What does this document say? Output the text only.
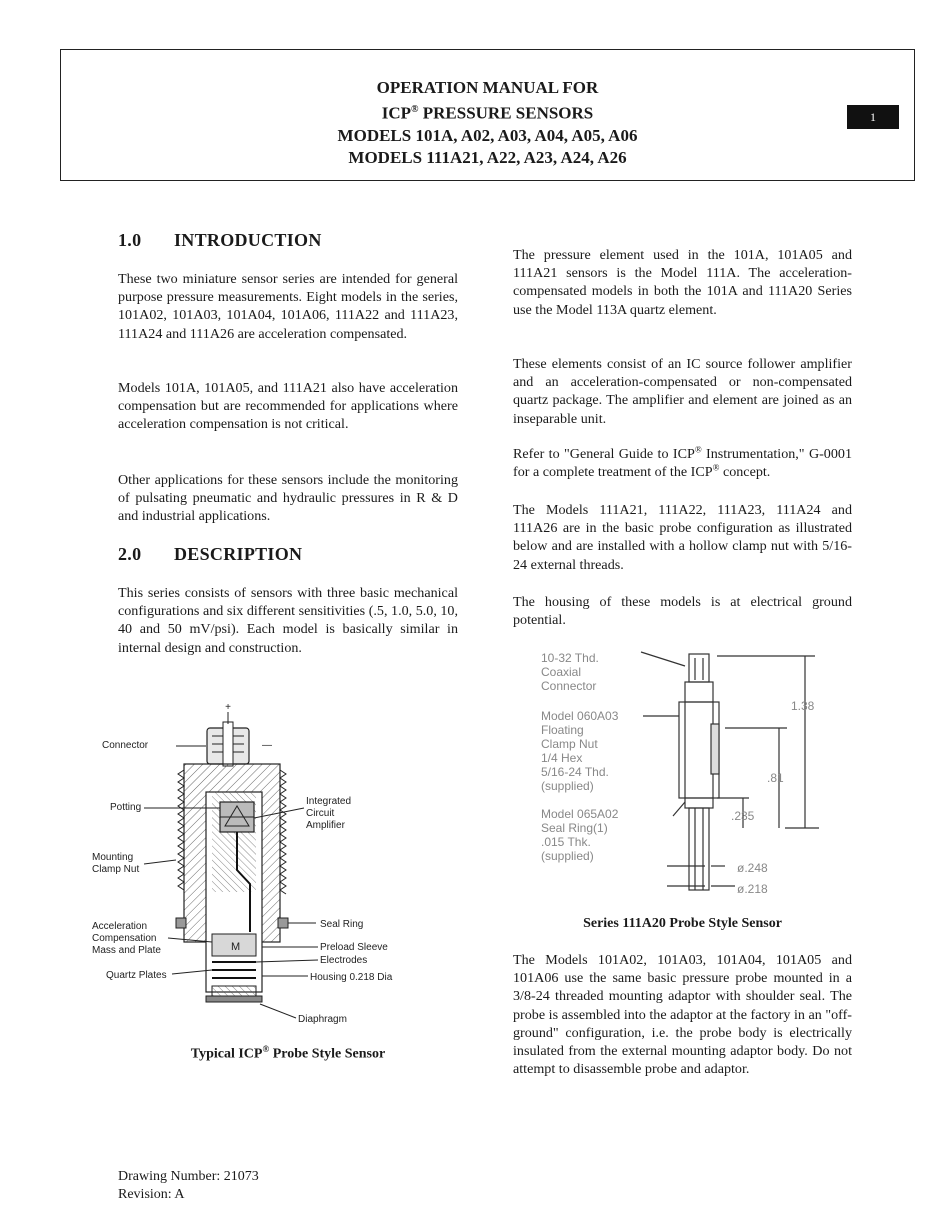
OPERATION MANUAL FOR
ICP® PRESSURE SENSORS
MODELS 101A, A02, A03, A04, A05, A06
MODELS 111A21, A22, A23, A24, A26
1
1.0 INTRODUCTION

These two miniature sensor series are intended for general purpose pressure measurements. Eight models in the series, 101A02, 101A03, 101A04, 101A06, 111A22 and 111A23, 111A24 and 111A26 are acceleration compensated.

Models 101A, 101A05, and 111A21 also have acceleration compensation but are recommended for applications where acceleration compensation is not critical.

Other applications for these sensors include the monitoring of pulsating pneumatic and hydraulic pressures in R & D and industrial applications.

2.0 DESCRIPTION

This series consists of sensors with three basic mechanical configurations and six different sensitivities (.5, 1.0, 5.0, 10, 40 and 50 mV/psi). Each model is basically similar in internal design and construction.

M
+
—
Connector
Potting
Mounting
Clamp Nut
Acceleration
Compensation
Mass and Plate
Quartz Plates
Integrated
Circuit
Amplifier
Seal Ring
Preload Sleeve
Electrodes
Housing 0.218 Dia
Diaphragm
Typical ICP® Probe Style Sensor

The pressure element used in the 101A, 101A05 and 111A21 sensors is the Model 111A. The acceleration-compensated models in both the 101A and 111A20 Series use the Model 113A quartz element.

These elements consist of an IC source follower amplifier and an acceleration-compensated or non-compensated quartz package. The amplifier and element are joined as an inseparable unit.

Refer to "General Guide to ICP® Instrumentation," G-0001 for a complete treatment of the ICP® concept.

The Models 111A21, 111A22, 111A23, 111A24 and 111A26 are in the basic probe configuration as illustrated below and are installed with a hollow clamp nut with 5/16-24 external threads.

The housing of these models is at electrical ground potential.

10-32 Thd.
Coaxial
Connector
Model 060A03
Floating
Clamp Nut
1/4 Hex
5/16-24 Thd.
(supplied)
Model 065A02
Seal Ring(1)
.015 Thk.
(supplied)
1.38
.81
.235
ø.248
ø.218
Series 111A20 Probe Style Sensor

The Models 101A02, 101A03, 101A04, 101A05 and 101A06 use the same basic pressure probe mounted in a 3/8-24 threaded mounting adaptor with shoulder seal. The probe is assembled into the adaptor at the factory in an "off-ground" configuration, i.e. the probe body is electrically insulated from the external mounting adaptor body. Do not attempt to disassemble probe and adaptor.

Drawing Number: 21073
Revision: A
